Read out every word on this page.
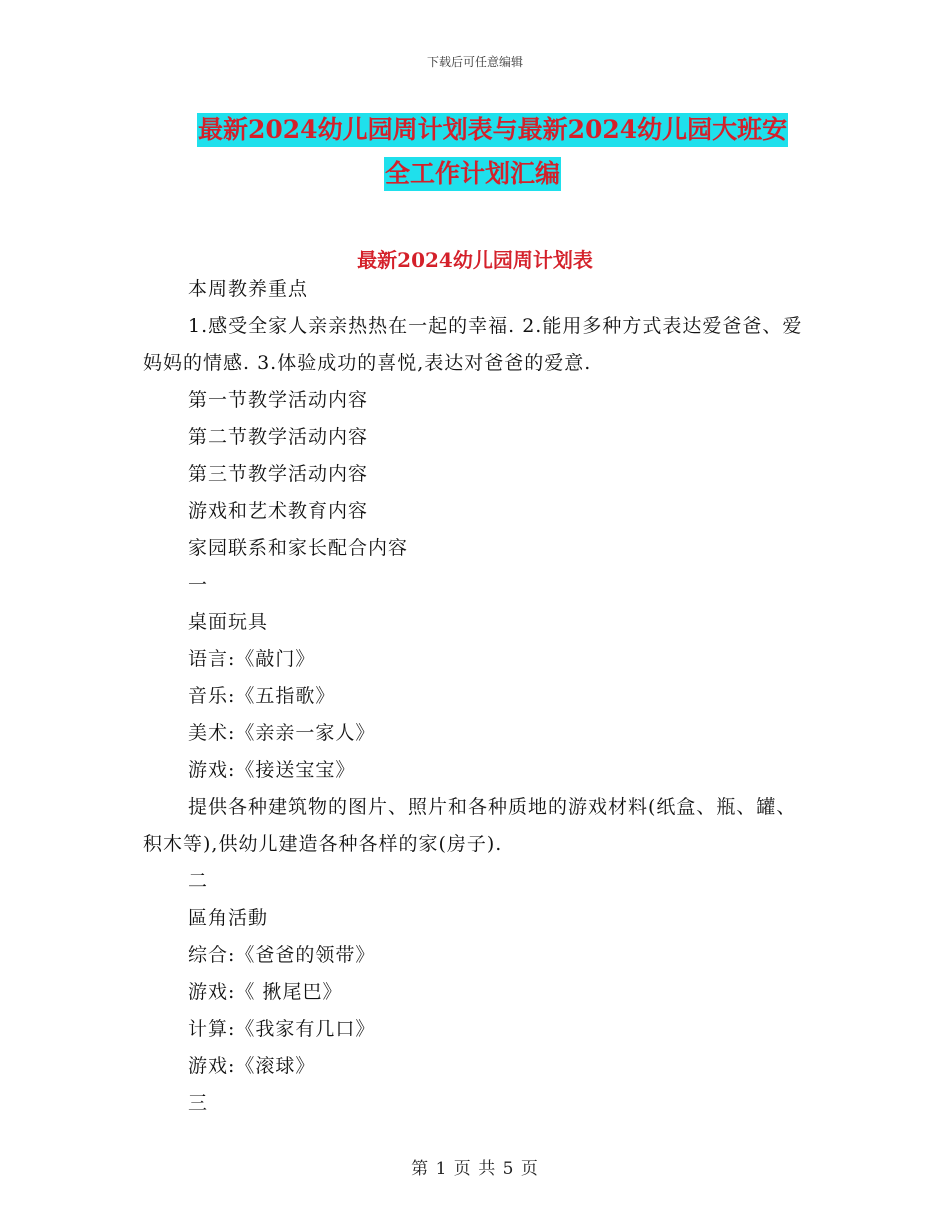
下载后可任意编辑
最新2024幼儿园周计划表与最新2024幼儿园大班安
全工作计划汇编
最新2024幼儿园周计划表

本周教养重点

1.感受全家人亲亲热热在一起的幸福. 2.能用多种方式表达爱爸爸、爱妈妈的情感. 3.体验成功的喜悦,表达对爸爸的爱意.

第一节教学活动内容

第二节教学活动内容

第三节教学活动内容

游戏和艺术教育内容

家园联系和家长配合内容

一

桌面玩具

语言:《敲门》

音乐:《五指歌》

美术:《亲亲一家人》

游戏:《接送宝宝》

提供各种建筑物的图片、照片和各种质地的游戏材料(纸盒、瓶、罐、积木等),供幼儿建造各种各样的家(房子).

二

區角活動

综合:《爸爸的领带》

游戏:《 揪尾巴》

计算:《我家有几口》

游戏:《滚球》

三

第 1 页 共 5 页
